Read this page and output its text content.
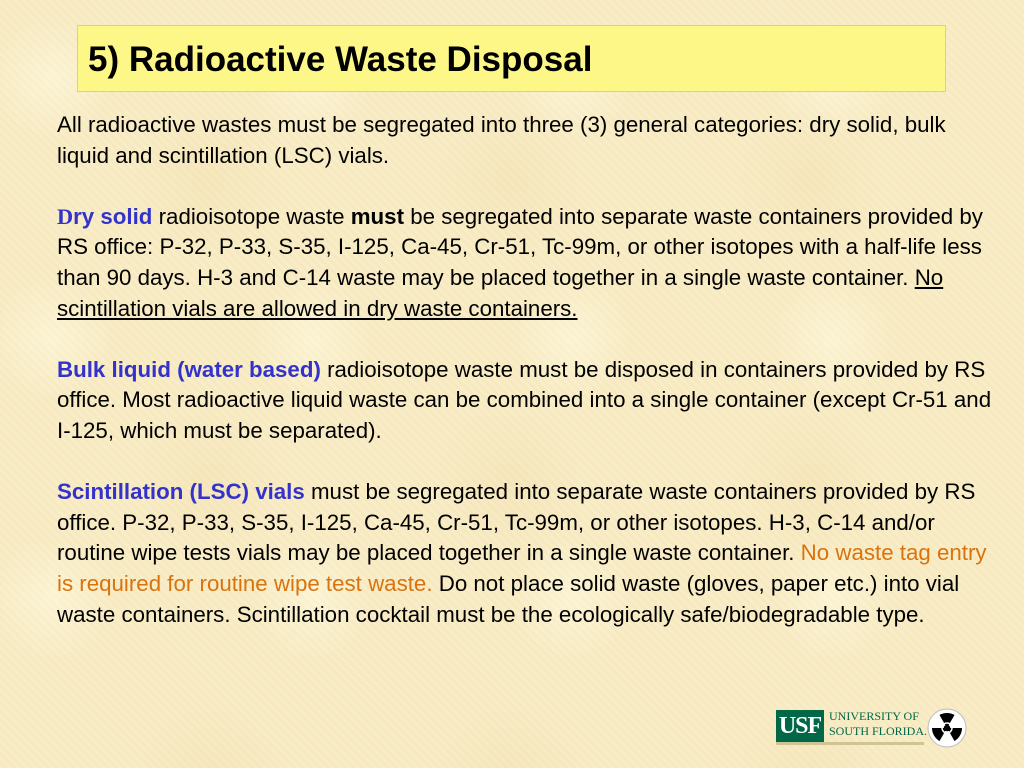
5) Radioactive Waste Disposal

All radioactive wastes must be segregated into three (3) general categories: dry solid, bulk liquid and scintillation (LSC) vials.

Dry solid radioisotope waste must be segregated into separate waste containers provided by RS office: P-32, P-33, S-35, I-125, Ca-45, Cr-51, Tc-99m, or other isotopes with a half-life less than 90 days. H-3 and C-14 waste may be placed together in a single waste container. No scintillation vials are allowed in dry waste containers.

Bulk liquid (water based) radioisotope waste must be disposed in containers provided by RS office. Most radioactive liquid waste can be combined into a single container (except Cr-51 and I-125, which must be separated).

Scintillation (LSC) vials must be segregated into separate waste containers provided by RS office. P-32, P-33, S-35, I-125, Ca-45, Cr-51, Tc-99m, or other isotopes. H-3, C-14 and/or routine wipe tests vials may be placed together in a single waste container. No waste tag entry is required for routine wipe test waste. Do not place solid waste (gloves, paper etc.) into vial waste containers. Scintillation cocktail must be the ecologically safe/biodegradable type.

USF UNIVERSITY OF
SOUTH FLORIDA.
